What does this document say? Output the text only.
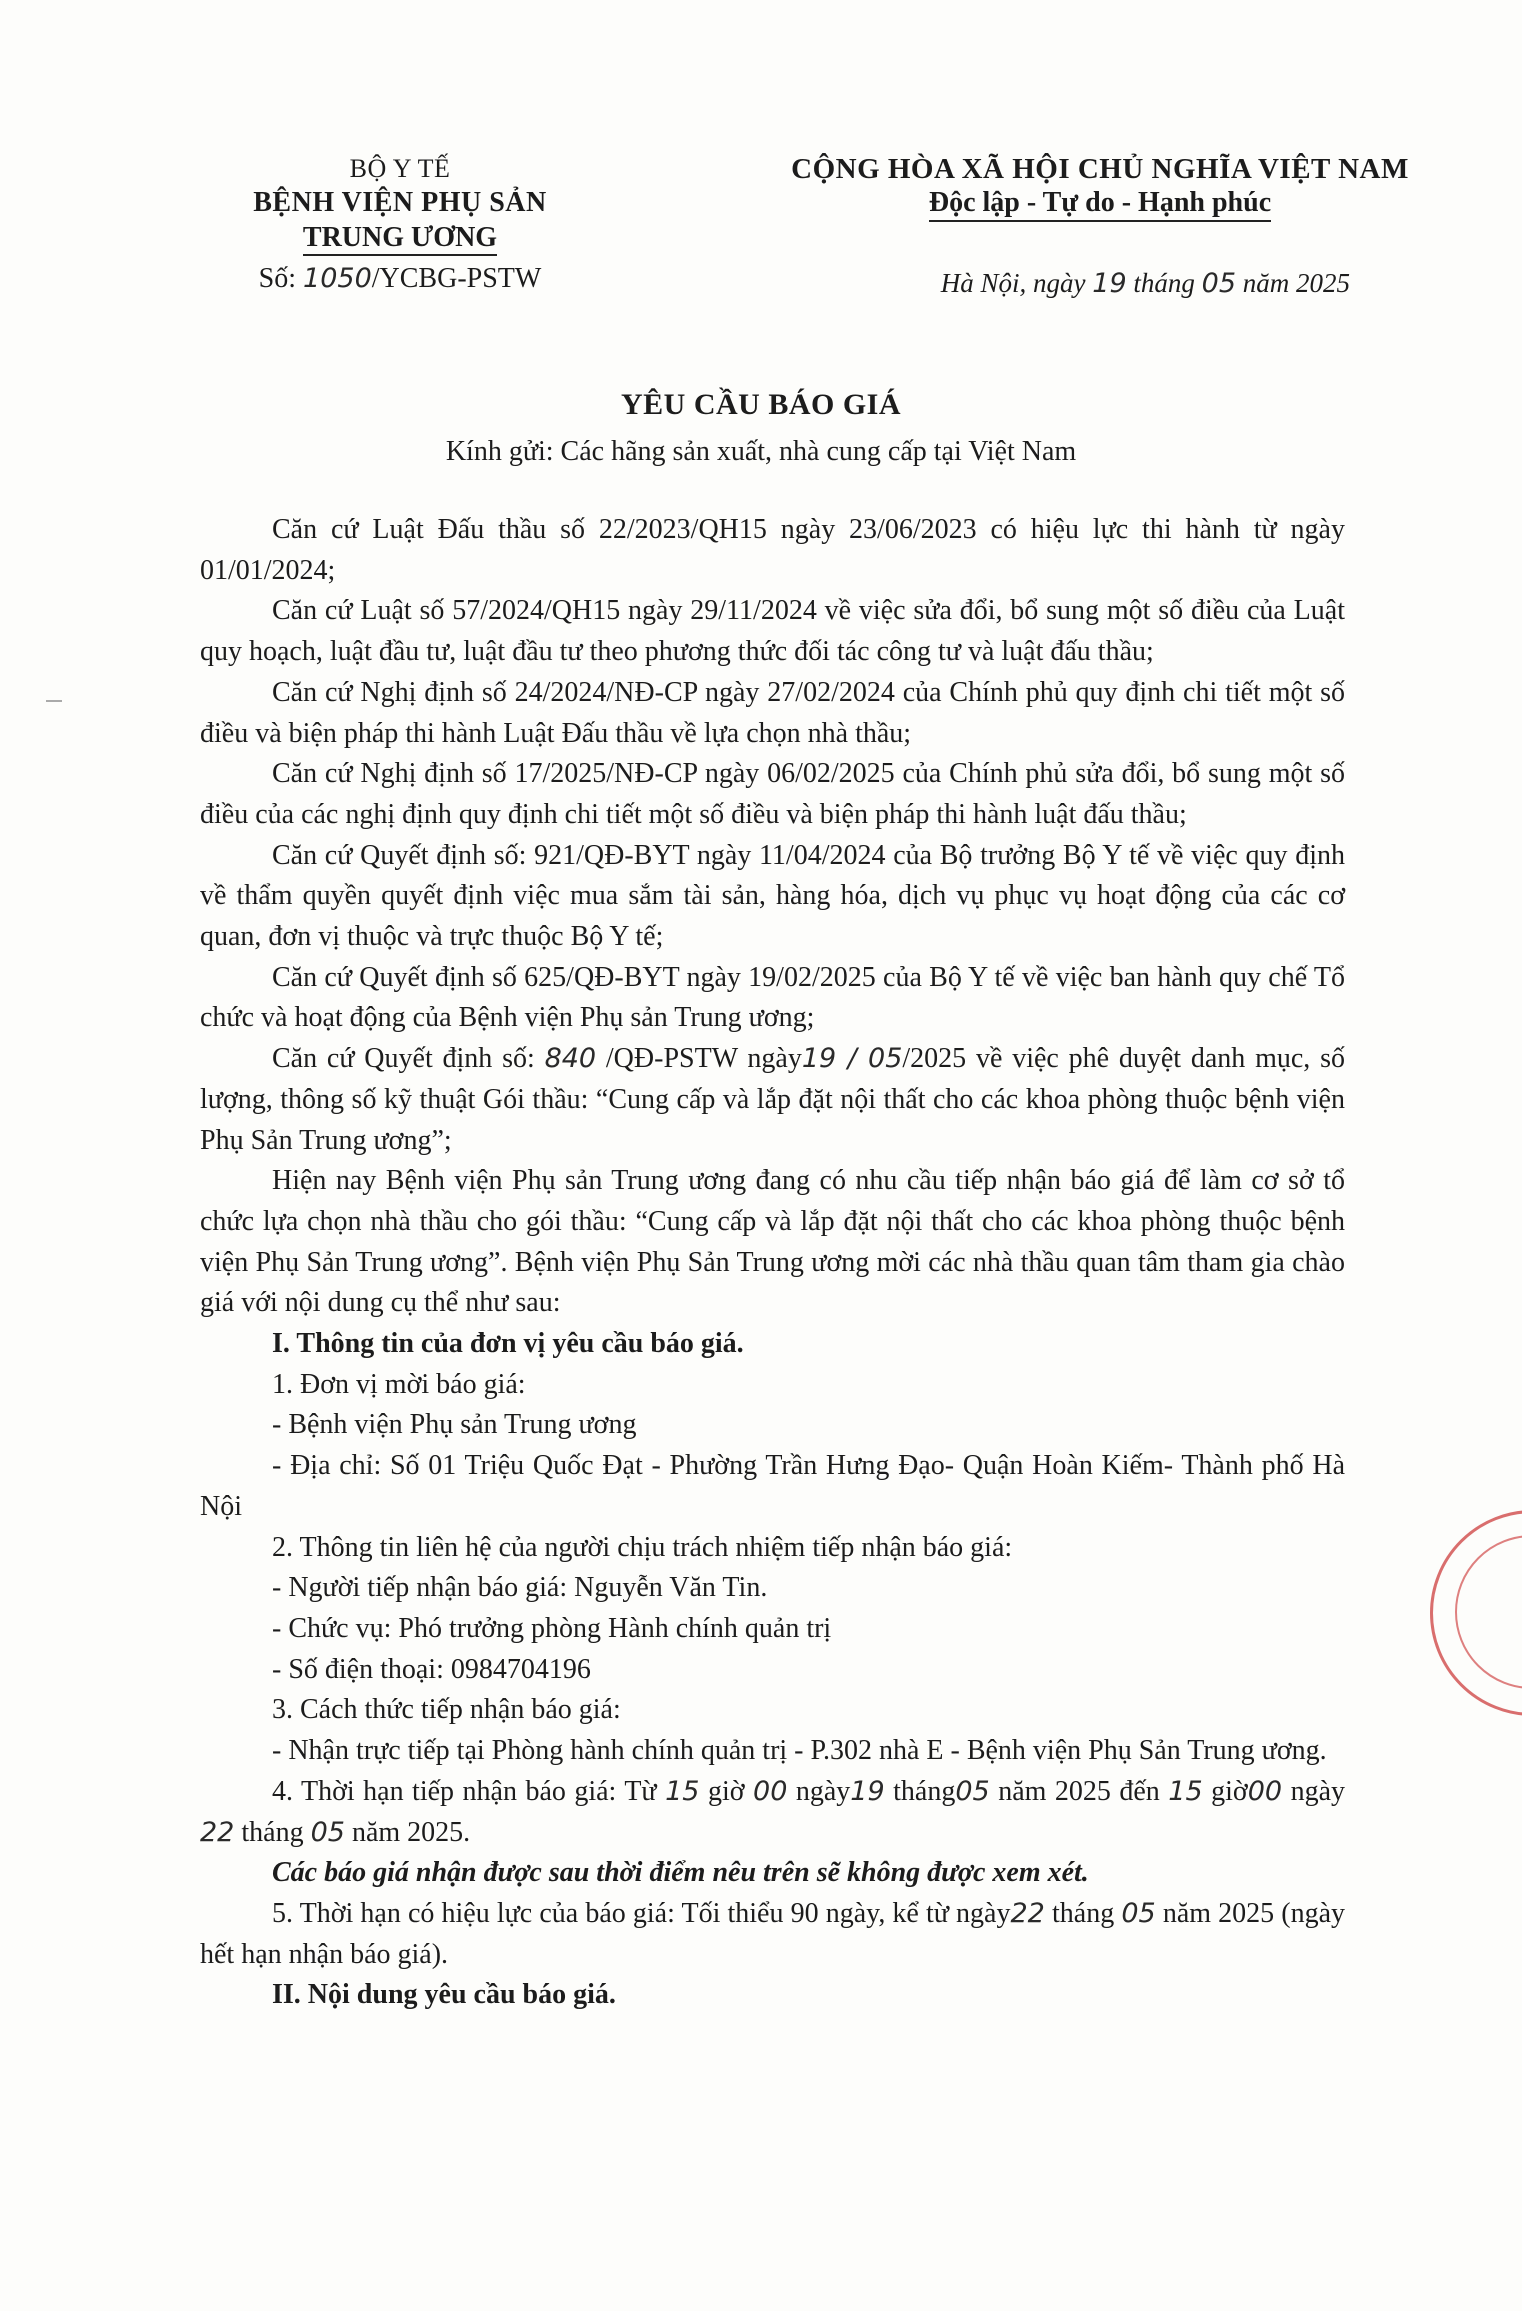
BỘ Y TẾ
BỆNH VIỆN PHỤ SẢN
TRUNG ƯƠNG
Số: 1050/YCBG-PSTW
CỘNG HÒA XÃ HỘI CHỦ NGHĨA VIỆT NAM
Độc lập - Tự do - Hạnh phúc
Hà Nội, ngày 19 tháng 05 năm 2025
YÊU CẦU BÁO GIÁ
Kính gửi: Các hãng sản xuất, nhà cung cấp tại Việt Nam

Căn cứ Luật Đấu thầu số 22/2023/QH15 ngày 23/06/2023 có hiệu lực thi hành từ ngày 01/01/2024;

Căn cứ Luật số 57/2024/QH15 ngày 29/11/2024 về việc sửa đổi, bổ sung một số điều của Luật quy hoạch, luật đầu tư, luật đầu tư theo phương thức đối tác công tư và luật đấu thầu;

Căn cứ Nghị định số 24/2024/NĐ-CP ngày 27/02/2024 của Chính phủ quy định chi tiết một số điều và biện pháp thi hành Luật Đấu thầu về lựa chọn nhà thầu;

Căn cứ Nghị định số 17/2025/NĐ-CP ngày 06/02/2025 của Chính phủ sửa đổi, bổ sung một số điều của các nghị định quy định chi tiết một số điều và biện pháp thi hành luật đấu thầu;

Căn cứ Quyết định số: 921/QĐ-BYT ngày 11/04/2024 của Bộ trưởng Bộ Y tế về việc quy định về thẩm quyền quyết định việc mua sắm tài sản, hàng hóa, dịch vụ phục vụ hoạt động của các cơ quan, đơn vị thuộc và trực thuộc Bộ Y tế;

Căn cứ Quyết định số 625/QĐ-BYT ngày 19/02/2025 của Bộ Y tế về việc ban hành quy chế Tổ chức và hoạt động của Bệnh viện Phụ sản Trung ương;

Căn cứ Quyết định số: 840 /QĐ-PSTW ngày19 / 05/2025 về việc phê duyệt danh mục, số lượng, thông số kỹ thuật Gói thầu: “Cung cấp và lắp đặt nội thất cho các khoa phòng thuộc bệnh viện Phụ Sản Trung ương”;

Hiện nay Bệnh viện Phụ sản Trung ương đang có nhu cầu tiếp nhận báo giá để làm cơ sở tổ chức lựa chọn nhà thầu cho gói thầu: “Cung cấp và lắp đặt nội thất cho các khoa phòng thuộc bệnh viện Phụ Sản Trung ương”. Bệnh viện Phụ Sản Trung ương mời các nhà thầu quan tâm tham gia chào giá với nội dung cụ thể như sau:

I. Thông tin của đơn vị yêu cầu báo giá.

1. Đơn vị mời báo giá:

- Bệnh viện Phụ sản Trung ương

- Địa chỉ: Số 01 Triệu Quốc Đạt - Phường Trần Hưng Đạo- Quận Hoàn Kiếm- Thành phố Hà Nội

2. Thông tin liên hệ của người chịu trách nhiệm tiếp nhận báo giá:

- Người tiếp nhận báo giá: Nguyễn Văn Tin.

- Chức vụ: Phó trưởng phòng Hành chính quản trị

- Số điện thoại: 0984704196

3. Cách thức tiếp nhận báo giá:

- Nhận trực tiếp tại Phòng hành chính quản trị - P.302 nhà E - Bệnh viện Phụ Sản Trung ương.

4. Thời hạn tiếp nhận báo giá: Từ 15 giờ 00 ngày19 tháng05 năm 2025 đến 15 giờ00 ngày 22 tháng 05 năm 2025.

Các báo giá nhận được sau thời điểm nêu trên sẽ không được xem xét.

5. Thời hạn có hiệu lực của báo giá: Tối thiểu 90 ngày, kể từ ngày22 tháng 05 năm 2025 (ngày hết hạn nhận báo giá).

II. Nội dung yêu cầu báo giá.
